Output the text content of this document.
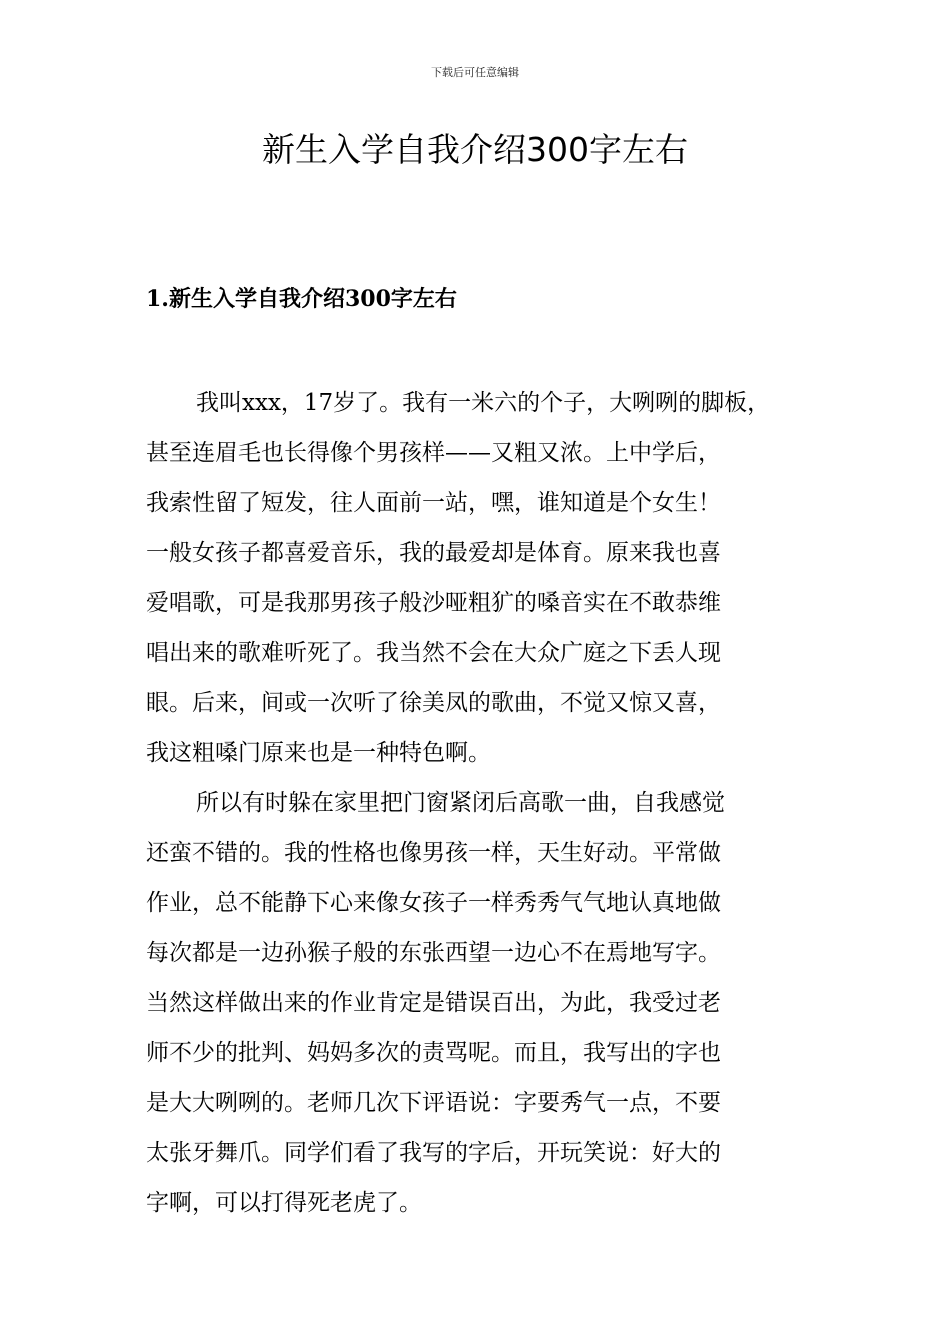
下载后可任意编辑
新生入学自我介绍300字左右
1.新生入学自我介绍300字左右
我叫xxx，17岁了。我有一米六的个子，大咧咧的脚板，
甚至连眉毛也长得像个男孩样——又粗又浓。上中学后，
我索性留了短发，往人面前一站，嘿，谁知道是个女生！
一般女孩子都喜爱音乐，我的最爱却是体育。原来我也喜
爱唱歌，可是我那男孩子般沙哑粗犷的嗓音实在不敢恭维
唱出来的歌难听死了。我当然不会在大众广庭之下丢人现
眼。后来，间或一次听了徐美凤的歌曲，不觉又惊又喜，
我这粗嗓门原来也是一种特色啊。
所以有时躲在家里把门窗紧闭后高歌一曲，自我感觉
还蛮不错的。我的性格也像男孩一样，天生好动。平常做
作业，总不能静下心来像女孩子一样秀秀气气地认真地做
每次都是一边孙猴子般的东张西望一边心不在焉地写字。
当然这样做出来的作业肯定是错误百出，为此，我受过老
师不少的批判、妈妈多次的责骂呢。而且，我写出的字也
是大大咧咧的。老师几次下评语说：字要秀气一点，不要
太张牙舞爪。同学们看了我写的字后，开玩笑说：好大的
字啊，可以打得死老虎了。
